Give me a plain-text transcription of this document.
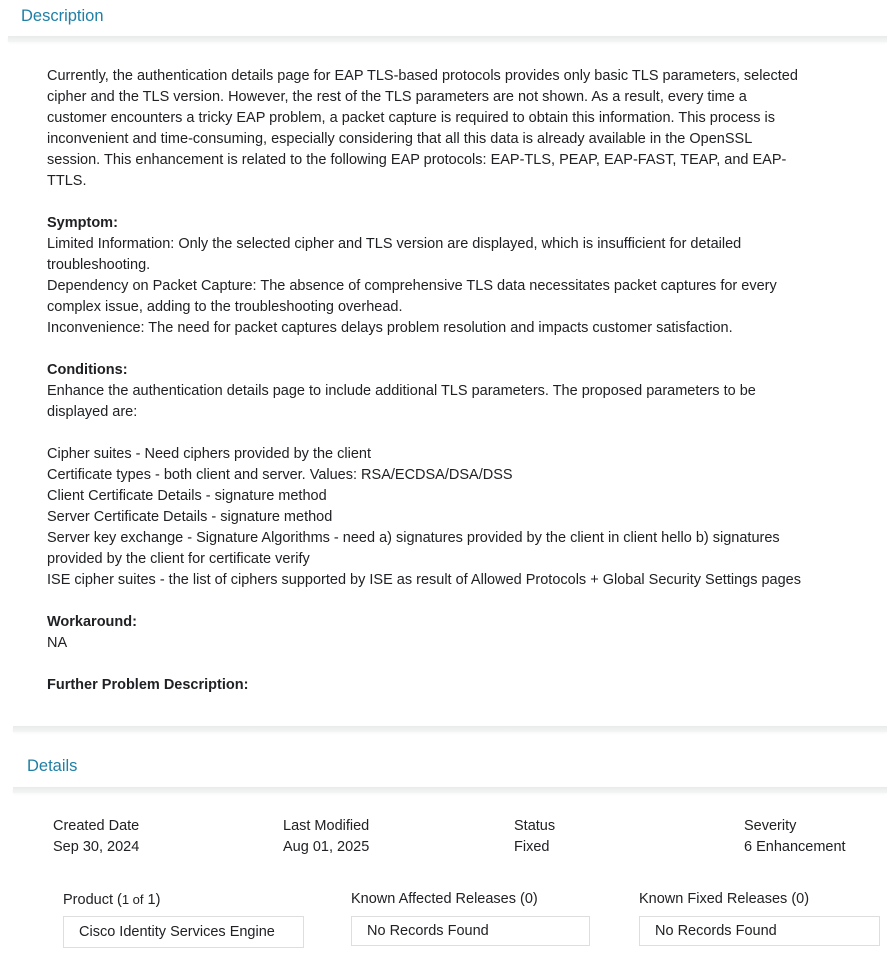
Description

Currently, the authentication details page for EAP TLS-based protocols provides only basic TLS parameters, selected cipher and the TLS version. However, the rest of the TLS parameters are not shown. As a result, every time a customer encounters a tricky EAP problem, a packet capture is required to obtain this information. This process is inconvenient and time-consuming, especially considering that all this data is already available in the OpenSSL session. This enhancement is related to the following EAP protocols: EAP-TLS, PEAP, EAP-FAST, TEAP, and EAP-TTLS.

Symptom:
Limited Information: Only the selected cipher and TLS version are displayed, which is insufficient for detailed troubleshooting.
Dependency on Packet Capture: The absence of comprehensive TLS data necessitates packet captures for every complex issue, adding to the troubleshooting overhead.
Inconvenience: The need for packet captures delays problem resolution and impacts customer satisfaction.

Conditions:
Enhance the authentication details page to include additional TLS parameters. The proposed parameters to be displayed are:

Cipher suites - Need ciphers provided by the client
Certificate types - both client and server. Values: RSA/ECDSA/DSA/DSS
Client Certificate Details - signature method
Server Certificate Details - signature method
Server key exchange - Signature Algorithms - need a) signatures provided by the client in client hello b) signatures provided by the client for certificate verify
ISE cipher suites - the list of ciphers supported by ISE as result of Allowed Protocols + Global Security Settings pages

Workaround:
NA

Further Problem Description:

Details
Created Date
Sep 30, 2024
Last Modified
Aug 01, 2025
Status
Fixed
Severity
6 Enhancement
Product (1 of 1)
Cisco Identity Services Engine
Known Affected Releases (0)
No Records Found
Known Fixed Releases (0)
No Records Found
